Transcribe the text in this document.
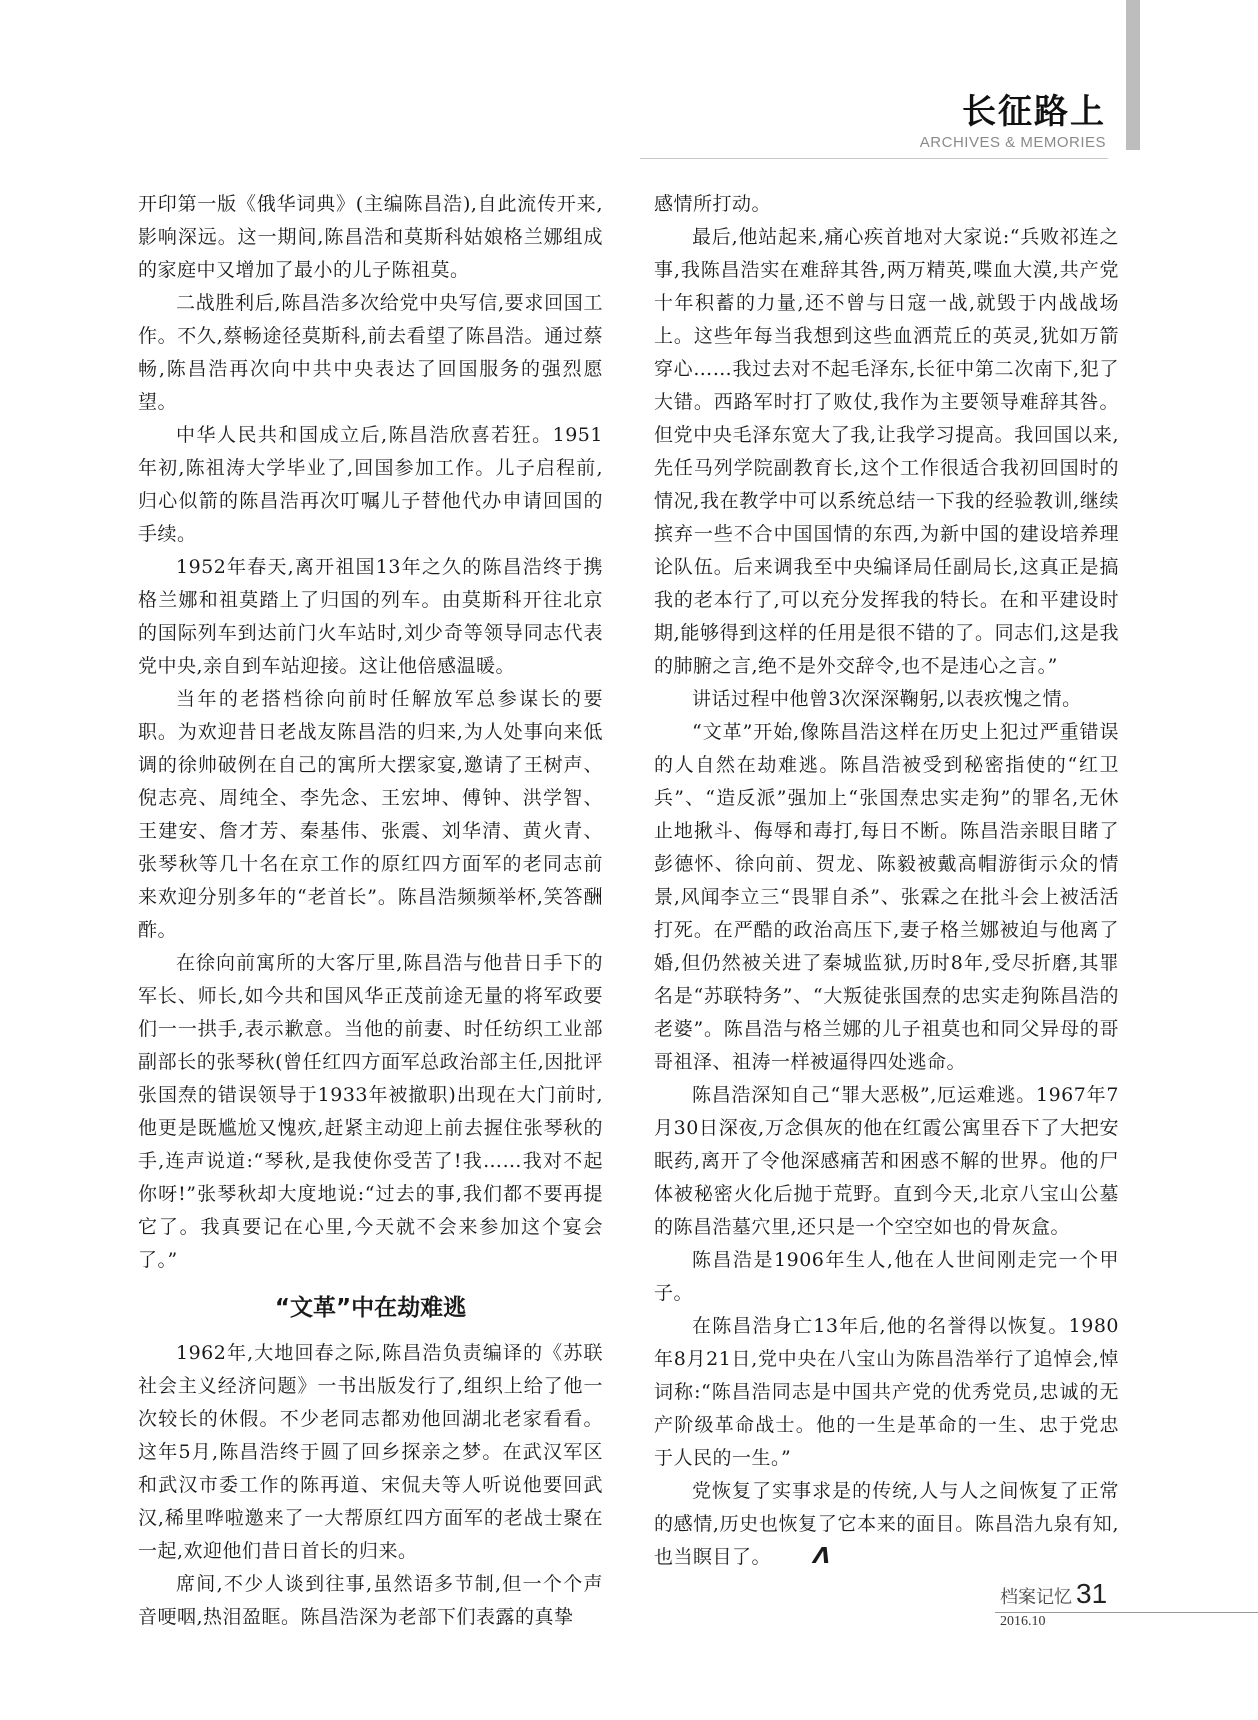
长征路上
ARCHIVES & MEMORIES

开印第一版《俄华词典》(主编陈昌浩),自此流传开来,影响深远。这一期间,陈昌浩和莫斯科姑娘格兰娜组成的家庭中又增加了最小的儿子陈祖莫。

二战胜利后,陈昌浩多次给党中央写信,要求回国工作。不久,蔡畅途径莫斯科,前去看望了陈昌浩。通过蔡畅,陈昌浩再次向中共中央表达了回国服务的强烈愿望。

中华人民共和国成立后,陈昌浩欣喜若狂。1951年初,陈祖涛大学毕业了,回国参加工作。儿子启程前,归心似箭的陈昌浩再次叮嘱儿子替他代办申请回国的手续。

1952年春天,离开祖国13年之久的陈昌浩终于携格兰娜和祖莫踏上了归国的列车。由莫斯科开往北京的国际列车到达前门火车站时,刘少奇等领导同志代表党中央,亲自到车站迎接。这让他倍感温暖。

当年的老搭档徐向前时任解放军总参谋长的要职。为欢迎昔日老战友陈昌浩的归来,为人处事向来低调的徐帅破例在自己的寓所大摆家宴,邀请了王树声、倪志亮、周纯全、李先念、王宏坤、傅钟、洪学智、王建安、詹才芳、秦基伟、张震、刘华清、黄火青、张琴秋等几十名在京工作的原红四方面军的老同志前来欢迎分别多年的“老首长”。陈昌浩频频举杯,笑答酬酢。

在徐向前寓所的大客厅里,陈昌浩与他昔日手下的军长、师长,如今共和国风华正茂前途无量的将军政要们一一拱手,表示歉意。当他的前妻、时任纺织工业部副部长的张琴秋(曾任红四方面军总政治部主任,因批评张国焘的错误领导于1933年被撤职)出现在大门前时,他更是既尴尬又愧疚,赶紧主动迎上前去握住张琴秋的手,连声说道:“琴秋,是我使你受苦了!我……我对不起你呀!”张琴秋却大度地说:“过去的事,我们都不要再提它了。我真要记在心里,今天就不会来参加这个宴会了。”

“文革”中在劫难逃

1962年,大地回春之际,陈昌浩负责编译的《苏联社会主义经济问题》一书出版发行了,组织上给了他一次较长的休假。不少老同志都劝他回湖北老家看看。这年5月,陈昌浩终于圆了回乡探亲之梦。在武汉军区和武汉市委工作的陈再道、宋侃夫等人听说他要回武汉,稀里哗啦邀来了一大帮原红四方面军的老战士聚在一起,欢迎他们昔日首长的归来。

席间,不少人谈到往事,虽然语多节制,但一个个声音哽咽,热泪盈眶。陈昌浩深为老部下们表露的真挚

感情所打动。

最后,他站起来,痛心疾首地对大家说:“兵败祁连之事,我陈昌浩实在难辞其咎,两万精英,喋血大漠,共产党十年积蓄的力量,还不曾与日寇一战,就毁于内战战场上。这些年每当我想到这些血洒荒丘的英灵,犹如万箭穿心……我过去对不起毛泽东,长征中第二次南下,犯了大错。西路军时打了败仗,我作为主要领导难辞其咎。但党中央毛泽东宽大了我,让我学习提高。我回国以来,先任马列学院副教育长,这个工作很适合我初回国时的情况,我在教学中可以系统总结一下我的经验教训,继续摈弃一些不合中国国情的东西,为新中国的建设培养理论队伍。后来调我至中央编译局任副局长,这真正是搞我的老本行了,可以充分发挥我的特长。在和平建设时期,能够得到这样的任用是很不错的了。同志们,这是我的肺腑之言,绝不是外交辞令,也不是违心之言。”

讲话过程中他曾3次深深鞠躬,以表疚愧之情。

“文革”开始,像陈昌浩这样在历史上犯过严重错误的人自然在劫难逃。陈昌浩被受到秘密指使的“红卫兵”、“造反派”强加上“张国焘忠实走狗”的罪名,无休止地揪斗、侮辱和毒打,每日不断。陈昌浩亲眼目睹了彭德怀、徐向前、贺龙、陈毅被戴高帽游街示众的情景,风闻李立三“畏罪自杀”、张霖之在批斗会上被活活打死。在严酷的政治高压下,妻子格兰娜被迫与他离了婚,但仍然被关进了秦城监狱,历时8年,受尽折磨,其罪名是“苏联特务”、“大叛徒张国焘的忠实走狗陈昌浩的老婆”。陈昌浩与格兰娜的儿子祖莫也和同父异母的哥哥祖泽、祖涛一样被逼得四处逃命。

陈昌浩深知自己“罪大恶极”,厄运难逃。1967年7月30日深夜,万念俱灰的他在红霞公寓里吞下了大把安眠药,离开了令他深感痛苦和困惑不解的世界。他的尸体被秘密火化后抛于荒野。直到今天,北京八宝山公墓的陈昌浩墓穴里,还只是一个空空如也的骨灰盒。

陈昌浩是1906年生人,他在人世间刚走完一个甲子。

在陈昌浩身亡13年后,他的名誉得以恢复。1980年8月21日,党中央在八宝山为陈昌浩举行了追悼会,悼词称:“陈昌浩同志是中国共产党的优秀党员,忠诚的无产阶级革命战士。他的一生是革命的一生、忠于党忠于人民的一生。”

党恢复了实事求是的传统,人与人之间恢复了正常的感情,历史也恢复了它本来的面目。陈昌浩九泉有知,也当瞑目了。 Λ

档案记忆 31
2016.10
